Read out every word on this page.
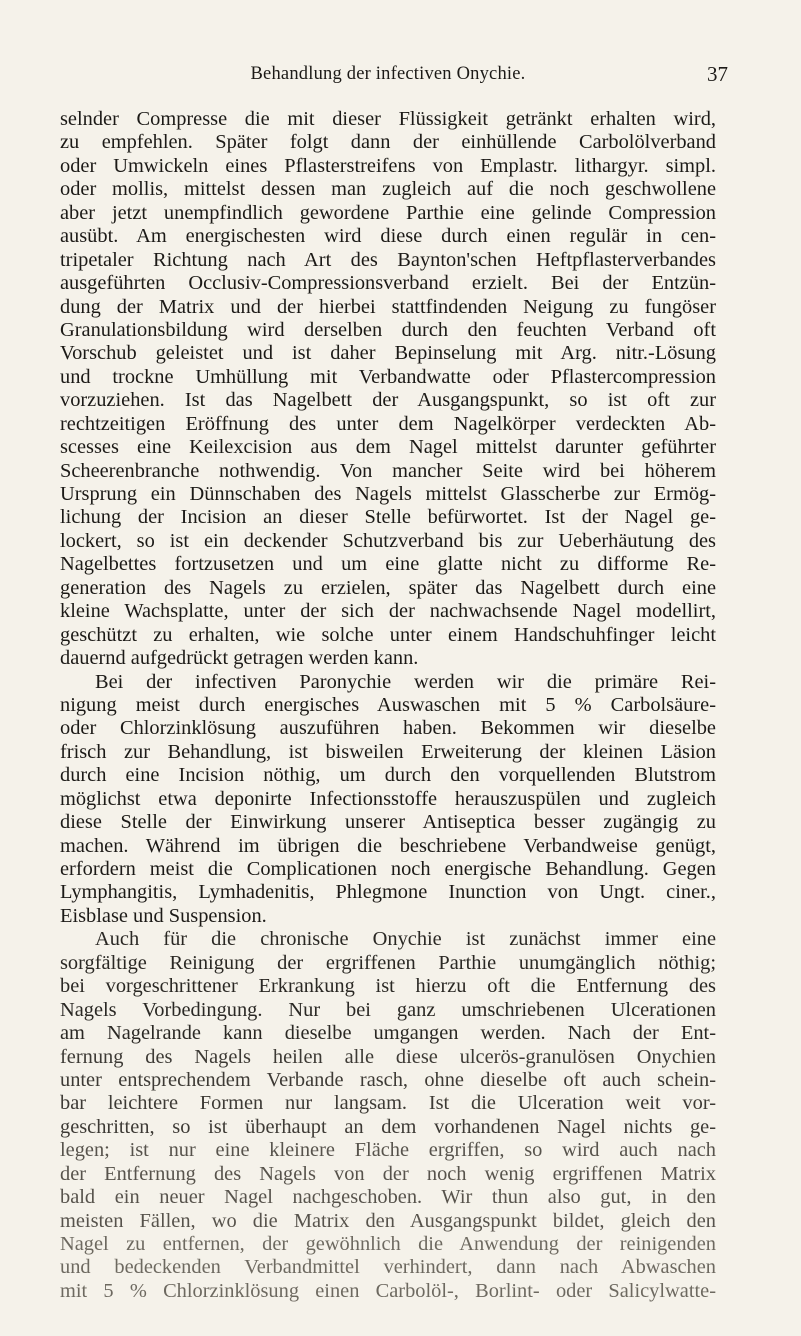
Behandlung der infectiven Onychie.	37
selnder Compresse die mit dieser Flüssigkeit getränkt erhalten wird,
zu empfehlen. Später folgt dann der einhüllende Carbolölverband
oder Umwickeln eines Pflasterstreifens von Emplastr. lithargyr. simpl.
oder mollis, mittelst dessen man zugleich auf die noch geschwollene
aber jetzt unempfindlich gewordene Parthie eine gelinde Compression
ausübt. Am energischesten wird diese durch einen regulär in cen-
tripetaler Richtung nach Art des Baynton'schen Heftpflasterverbandes
ausgeführten Occlusiv-Compressionsverband erzielt. Bei der Entzün-
dung der Matrix und der hierbei stattfindenden Neigung zu fungöser
Granulationsbildung wird derselben durch den feuchten Verband oft
Vorschub geleistet und ist daher Bepinselung mit Arg. nitr.-Lösung
und trockne Umhüllung mit Verbandwatte oder Pflastercompression
vorzuziehen. Ist das Nagelbett der Ausgangspunkt, so ist oft zur
rechtzeitigen Eröffnung des unter dem Nagelkörper verdeckten Ab-
scesses eine Keilexcision aus dem Nagel mittelst darunter geführter
Scheerenbranche nothwendig. Von mancher Seite wird bei höherem
Ursprung ein Dünnschaben des Nagels mittelst Glasscherbe zur Ermög-
lichung der Incision an dieser Stelle befürwortet. Ist der Nagel ge-
lockert, so ist ein deckender Schutzverband bis zur Ueberhäutung des
Nagelbettes fortzusetzen und um eine glatte nicht zu difforme Re-
generation des Nagels zu erzielen, später das Nagelbett durch eine
kleine Wachsplatte, unter der sich der nachwachsende Nagel modellirt,
geschützt zu erhalten, wie solche unter einem Handschuhfinger leicht
dauernd aufgedrückt getragen werden kann.
Bei der infectiven Paronychie werden wir die primäre Rei-
nigung meist durch energisches Auswaschen mit 5 % Carbolsäure-
oder Chlorzinklösung auszuführen haben. Bekommen wir dieselbe
frisch zur Behandlung, ist bisweilen Erweiterung der kleinen Läsion
durch eine Incision nöthig, um durch den vorquellenden Blutstrom
möglichst etwa deponirte Infectionsstoffe herauszuspülen und zugleich
diese Stelle der Einwirkung unserer Antiseptica besser zugängig zu
machen. Während im übrigen die beschriebene Verbandweise genügt,
erfordern meist die Complicationen noch energische Behandlung. Gegen
Lymphangitis, Lymhadenitis, Phlegmone Inunction von Ungt. ciner.,
Eisblase und Suspension.
Auch für die chronische Onychie ist zunächst immer eine
sorgfältige Reinigung der ergriffenen Parthie unumgänglich nöthig;
bei vorgeschrittener Erkrankung ist hierzu oft die Entfernung des
Nagels Vorbedingung. Nur bei ganz umschriebenen Ulcerationen
am Nagelrande kann dieselbe umgangen werden. Nach der Ent-
fernung des Nagels heilen alle diese ulcerös-granulösen Onychien
unter entsprechendem Verbande rasch, ohne dieselbe oft auch schein-
bar leichtere Formen nur langsam. Ist die Ulceration weit vor-
geschritten, so ist überhaupt an dem vorhandenen Nagel nichts ge-
legen; ist nur eine kleinere Fläche ergriffen, so wird auch nach
der Entfernung des Nagels von der noch wenig ergriffenen Matrix
bald ein neuer Nagel nachgeschoben. Wir thun also gut, in den
meisten Fällen, wo die Matrix den Ausgangspunkt bildet, gleich den
Nagel zu entfernen, der gewöhnlich die Anwendung der reinigenden
und bedeckenden Verbandmittel verhindert, dann nach Abwaschen
mit 5 % Chlorzinklösung einen Carbolöl-, Borlint- oder Salicylwatte-
